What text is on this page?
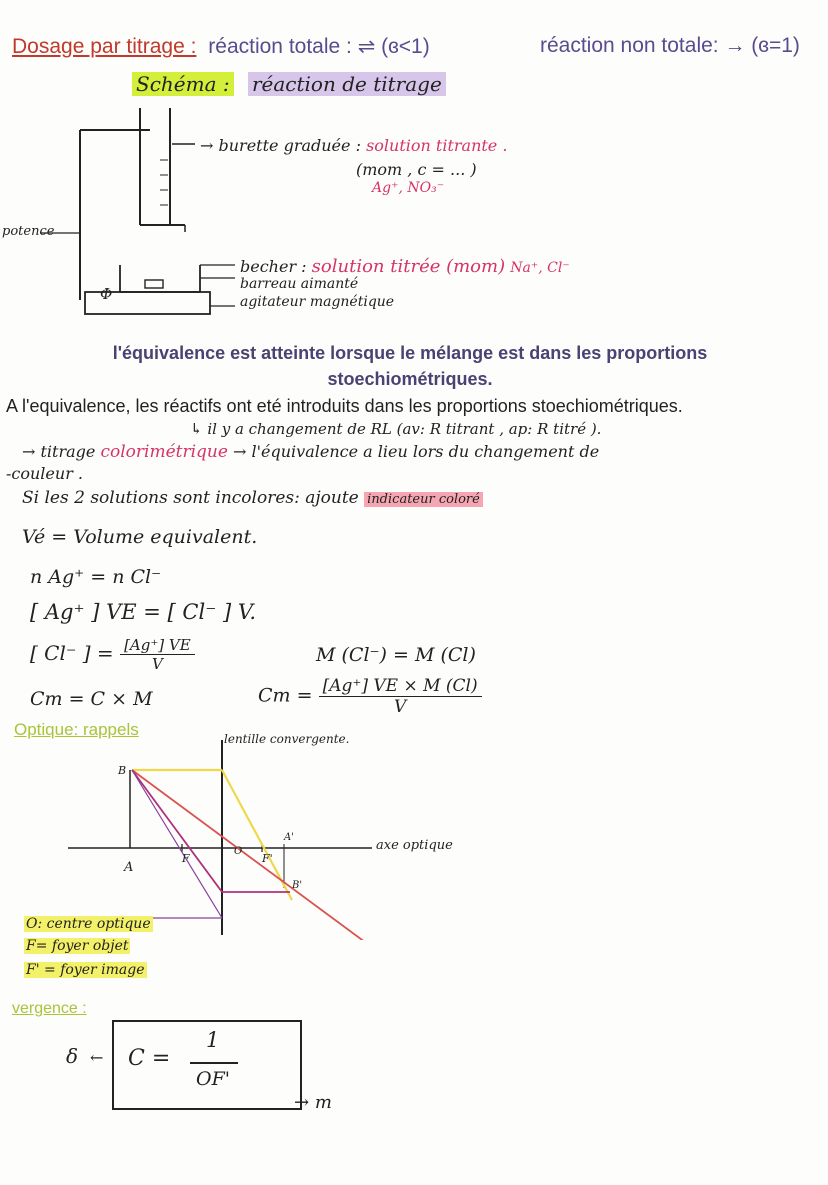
Dosage par titrage : réaction totale : ⇌ (ɞ<1)	réaction non totale: → (ɞ=1)
Schéma : réaction de titrage
Φ
potence
→ burette graduée : solution titrante .
(mom , c = ... )
Ag⁺, NO₃⁻
becher : solution titrée (mom) Na⁺, Cl⁻
barreau aimanté
agitateur magnétique
l'équivalence est atteinte lorsque le mélange est dans les proportions stoechiométriques.
A l'equivalence, les réactifs ont eté introduits dans les proportions stoechiométriques.
↳ il y a changement de RL (av: R titrant , ap: R titré ).
→ titrage colorimétrique → l'équivalence a lieu lors du changement de
-couleur .
Si les 2 solutions sont incolores: ajoute indicateur coloré
Vé = Volume equivalent.
n Ag⁺ = n Cl⁻
[ Ag⁺ ] VE = [ Cl⁻ ] V.
[ Cl⁻ ] = $\frac{[Ag^+] VE}{V}$
Cm = C × M
M (Cl⁻) = M (Cl)
$Cm = \frac{[Ag^+] VE \times M (Cl)}{V}$
Optique: rappels	lentille convergente.
B
A
F
O
F'
A'
B'
axe optique
O: centre optique
F= foyer objet
F' = foyer image
vergence :
δ C =
1
OF'
←
→ m
